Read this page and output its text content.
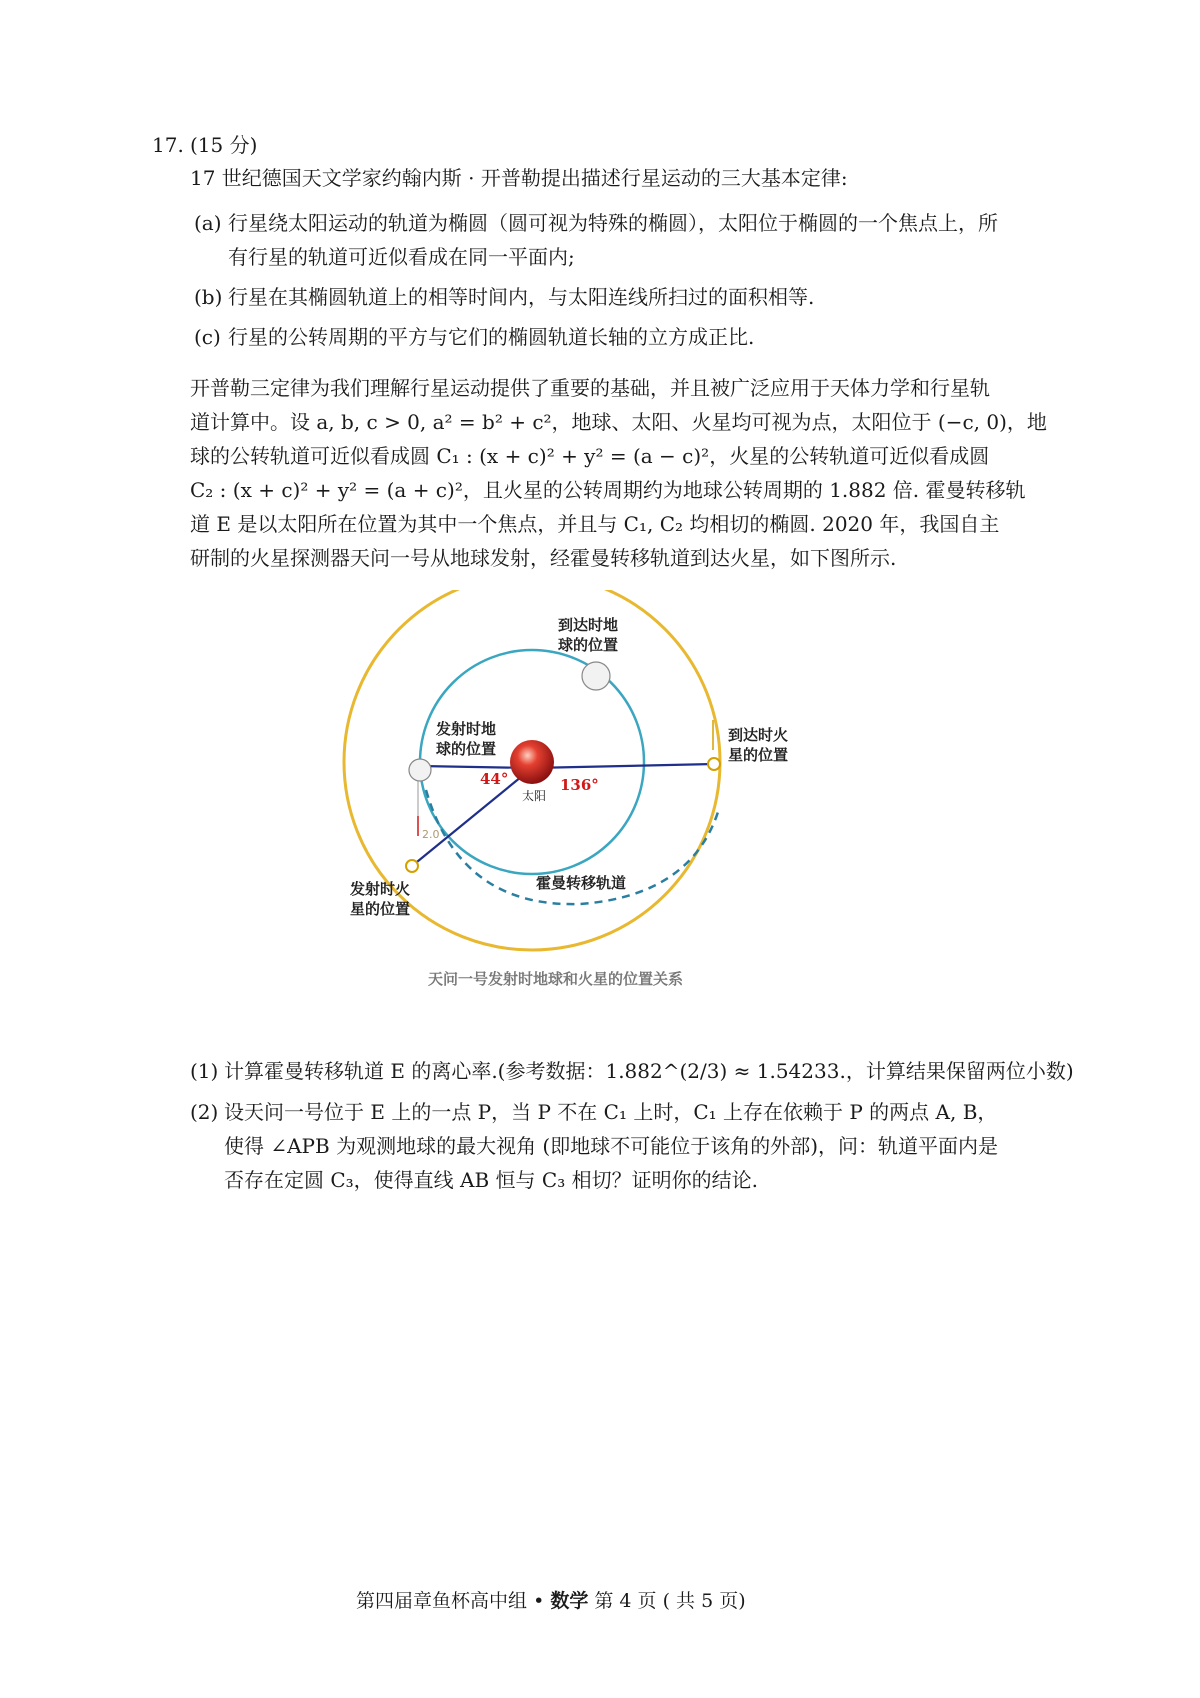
17. (15 分)
17 世纪德国天文学家约翰内斯 · 开普勒提出描述行星运动的三大基本定律:
(a) 行星绕太阳运动的轨道为椭圆（圆可视为特殊的椭圆），太阳位于椭圆的一个焦点上，所
有行星的轨道可近似看成在同一平面内;
(b) 行星在其椭圆轨道上的相等时间内，与太阳连线所扫过的面积相等.
(c) 行星的公转周期的平方与它们的椭圆轨道长轴的立方成正比.
开普勒三定律为我们理解行星运动提供了重要的基础，并且被广泛应用于天体力学和行星轨
道计算中。设 a, b, c > 0, a² = b² + c²，地球、太阳、火星均可视为点，太阳位于 (−c, 0)，地
球的公转轨道可近似看成圆 C₁ : (x + c)² + y² = (a − c)²，火星的公转轨道可近似看成圆
C₂ : (x + c)² + y² = (a + c)²，且火星的公转周期约为地球公转周期的 1.882 倍. 霍曼转移轨
道 E 是以太阳所在位置为其中一个焦点，并且与 C₁, C₂ 均相切的椭圆. 2020 年，我国自主
研制的火星探测器天问一号从地球发射，经霍曼转移轨道到达火星，如下图所示.
2.0
太阳
44°	136°
到达时地
球的位置
发射时地
球的位置
到达时火
星的位置
发射时火
星的位置
霍曼转移轨道
天问一号发射时地球和火星的位置关系
(1) 计算霍曼转移轨道 E 的离心率.(参考数据：1.882^(2/3) ≈ 1.54233.，计算结果保留两位小数)
(2) 设天问一号位于 E 上的一点 P，当 P 不在 C₁ 上时，C₁ 上存在依赖于 P 的两点 A, B，
使得 ∠APB 为观测地球的最大视角 (即地球不可能位于该角的外部)，问：轨道平面内是
否存在定圆 C₃，使得直线 AB 恒与 C₃ 相切？证明你的结论.
第四届章鱼杯高中组 • 数学 第 4 页 ( 共 5 页)
